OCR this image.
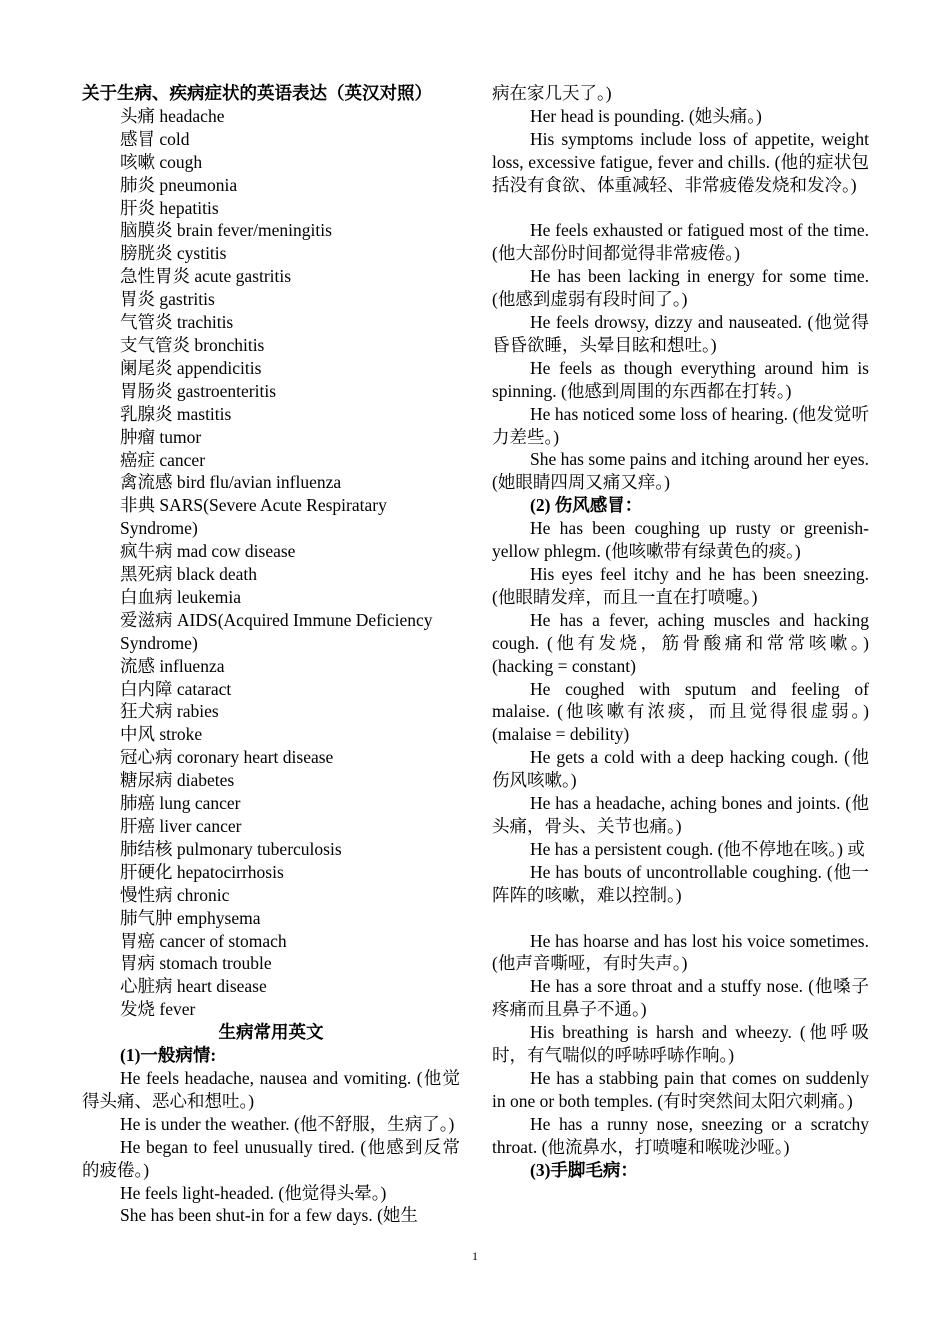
关于生病、疾病症状的英语表达（英汉对照）
头痛 headache
感冒 cold
咳嗽 cough
肺炎 pneumonia
肝炎 hepatitis
脑膜炎 brain fever/meningitis
膀胱炎 cystitis
急性胃炎 acute gastritis
胃炎 gastritis
气管炎 trachitis
支气管炎 bronchitis
阑尾炎 appendicitis
胃肠炎 gastroenteritis
乳腺炎 mastitis
肿瘤 tumor
癌症 cancer
禽流感 bird flu/avian influenza
非典 SARS(Severe Acute Respiratary Syndrome)
疯牛病 mad cow disease
黑死病 black death
白血病 leukemia
爱滋病 AIDS(Acquired Immune Deficiency Syndrome)
流感 influenza
白内障 cataract
狂犬病 rabies
中风 stroke
冠心病 coronary heart disease
糖尿病 diabetes
肺癌 lung cancer
肝癌 liver cancer
肺结核 pulmonary tuberculosis
肝硬化 hepatocirrhosis
慢性病 chronic
肺气肿 emphysema
胃癌 cancer of stomach
胃病 stomach trouble
心脏病 heart disease
发烧 fever
生病常用英文
(1)一般病情:
He feels headache, nausea and vomiting. (他觉得头痛、恶心和想吐。)
He is under the weather. (他不舒服，生病了。)
He began to feel unusually tired. (他感到反常的疲倦。)
He feels light-headed. (他觉得头晕。)
She has been shut-in for a few days. (她生
病在家几天了。)
Her head is pounding. (她头痛。)
His symptoms include loss of appetite, weight loss, excessive fatigue, fever and chills. (他的症状包括没有食欲、体重减轻、非常疲倦发烧和发冷。)
He feels exhausted or fatigued most of the time. (他大部份时间都觉得非常疲倦。)
He has been lacking in energy for some time. (他感到虚弱有段时间了。)
He feels drowsy, dizzy and nauseated. (他觉得昏昏欲睡，头晕目眩和想吐。)
He feels as though everything around him is spinning. (他感到周围的东西都在打转。)
He has noticed some loss of hearing. (他发觉听力差些。)
She has some pains and itching around her eyes. (她眼睛四周又痛又痒。)
(2) 伤风感冒：
He has been coughing up rusty or greenish-yellow phlegm. (他咳嗽带有绿黄色的痰。)
His eyes feel itchy and he has been sneezing. (他眼睛发痒，而且一直在打喷嚏。)
He has a fever, aching muscles and hacking cough. (他有发烧，筋骨酸痛和常常咳嗽。) (hacking = constant)
He coughed with sputum and feeling of malaise. (他咳嗽有浓痰，而且觉得很虚弱。) (malaise = debility)
He gets a cold with a deep hacking cough. (他伤风咳嗽。)
He has a headache, aching bones and joints. (他头痛，骨头、关节也痛。)
He has a persistent cough. (他不停地在咳。) 或
He has bouts of uncontrollable coughing. (他一阵阵的咳嗽，难以控制。)
He has hoarse and has lost his voice sometimes. (他声音嘶哑，有时失声。)
He has a sore throat and a stuffy nose. (他嗓子疼痛而且鼻子不通。)
His breathing is harsh and wheezy. (他呼吸时，有气喘似的呼哧呼哧作响。)
He has a stabbing pain that comes on suddenly in one or both temples. (有时突然间太阳穴刺痛。)
He has a runny nose, sneezing or a scratchy throat. (他流鼻水，打喷嚏和喉咙沙哑。)
(3)手脚毛病：
1
